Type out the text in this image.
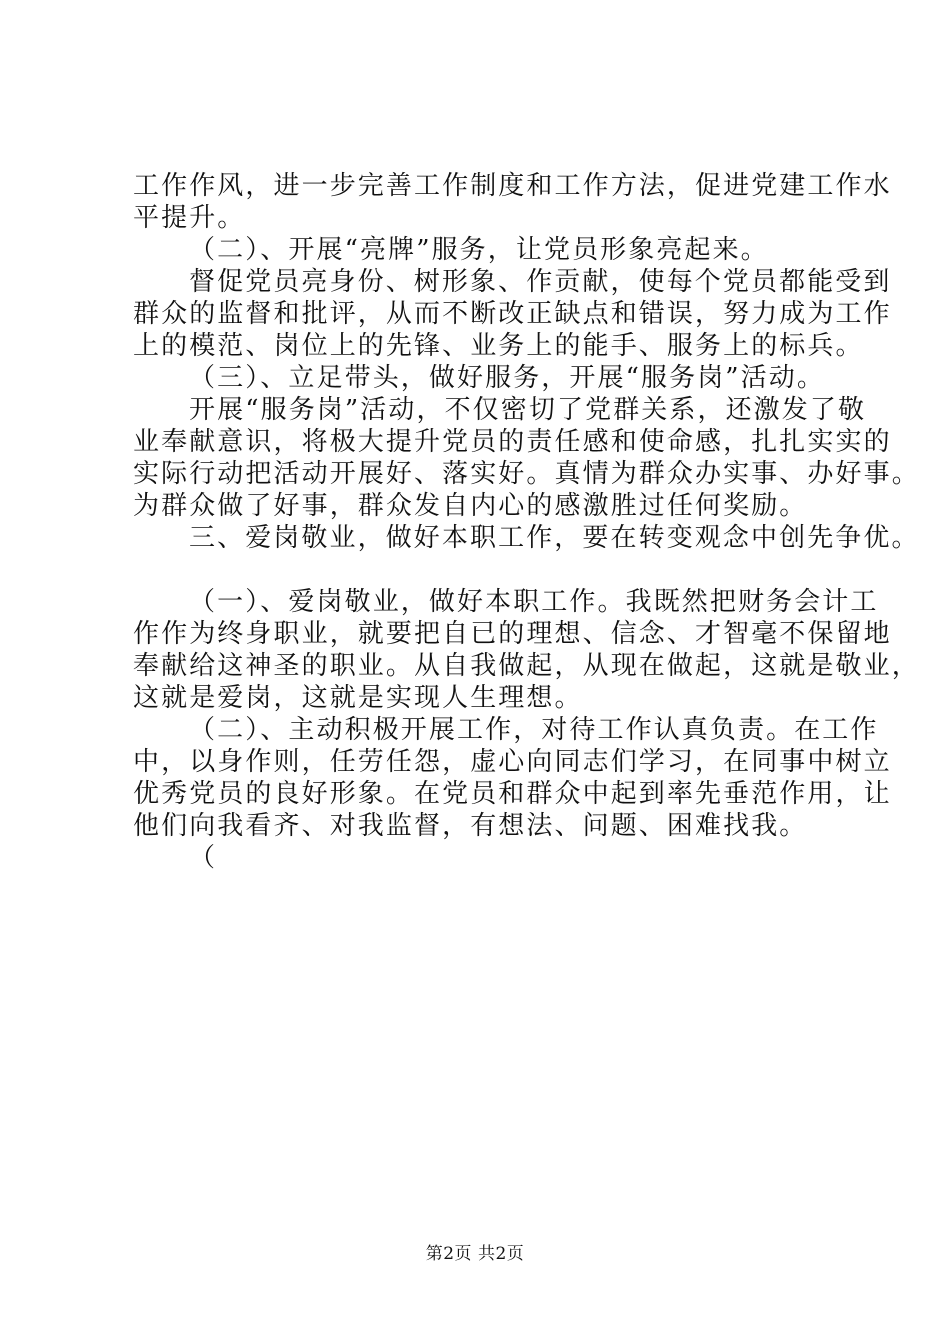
工作作风，进一步完善工作制度和工作方法，促进党建工作水
平提升。
（二）、开展“亮牌”服务，让党员形象亮起来。
督促党员亮身份、树形象、作贡献，使每个党员都能受到
群众的监督和批评，从而不断改正缺点和错误，努力成为工作
上的模范、岗位上的先锋、业务上的能手、服务上的标兵。
（三）、立足带头，做好服务，开展“服务岗”活动。
开展“服务岗”活动，不仅密切了党群关系，还激发了敬
业奉献意识，将极大提升党员的责任感和使命感，扎扎实实的
实际行动把活动开展好、落实好。真情为群众办实事、办好事。
为群众做了好事，群众发自内心的感激胜过任何奖励。
三、爱岗敬业，做好本职工作，要在转变观念中创先争优。
（一）、爱岗敬业，做好本职工作。我既然把财务会计工
作作为终身职业，就要把自已的理想、信念、才智毫不保留地
奉献给这神圣的职业。从自我做起，从现在做起，这就是敬业，
这就是爱岗，这就是实现人生理想。
（二）、主动积极开展工作，对待工作认真负责。在工作
中，以身作则，任劳任怨，虚心向同志们学习，在同事中树立
优秀党员的良好形象。在党员和群众中起到率先垂范作用，让
他们向我看齐、对我监督，有想法、问题、困难找我。
（
第2页 共2页
